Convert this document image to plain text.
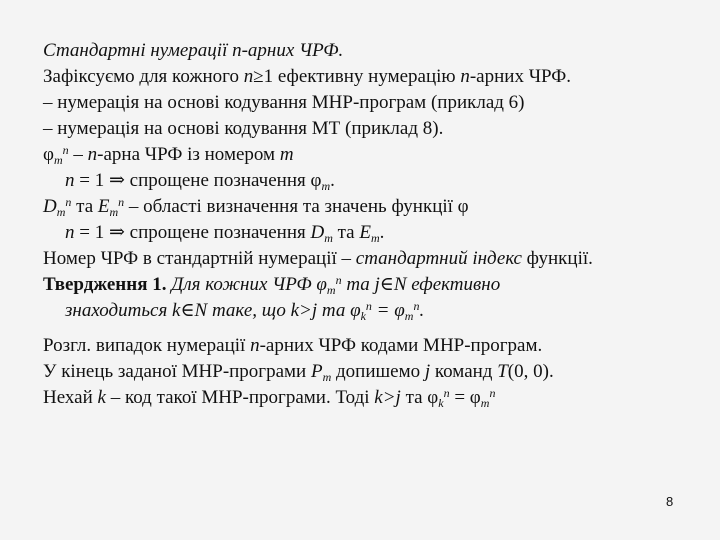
Стандартні нумерації n-арних ЧРФ.
Зафіксуємо для кожного n≥1 ефективну нумерацію n-арних ЧРФ.
– нумерація на основі кодування МНР-програм (приклад 6)
– нумерація на основі кодування МТ (приклад 8).
$\varphi_m^n$ – n-арна ЧРФ із номером m
n = 1 ⇒ спрощене позначення $\varphi_m$.
$D_m^n$ та $E_m^n$ – області визначення та значень функції φ
n = 1 ⇒ спрощене позначення $D_m$ та $E_m$.
Номер ЧРФ в стандартній нумерації – стандартний індекс функції.
Твердження 1. Для кожних ЧРФ $\varphi_m^n$ та j∈N ефективно
знаходиться k∈N таке, що k>j та $\varphi_k^n = \varphi_m^n$.
Розгл. випадок нумерації n-арних ЧРФ кодами МНР-програм.
У кінець заданої МНР-програми $P_m$ допишемо j команд T(0, 0).
Нехай k – код такої МНР-програми. Тоді k>j та $\varphi_k^n = \varphi_m^n$
8
